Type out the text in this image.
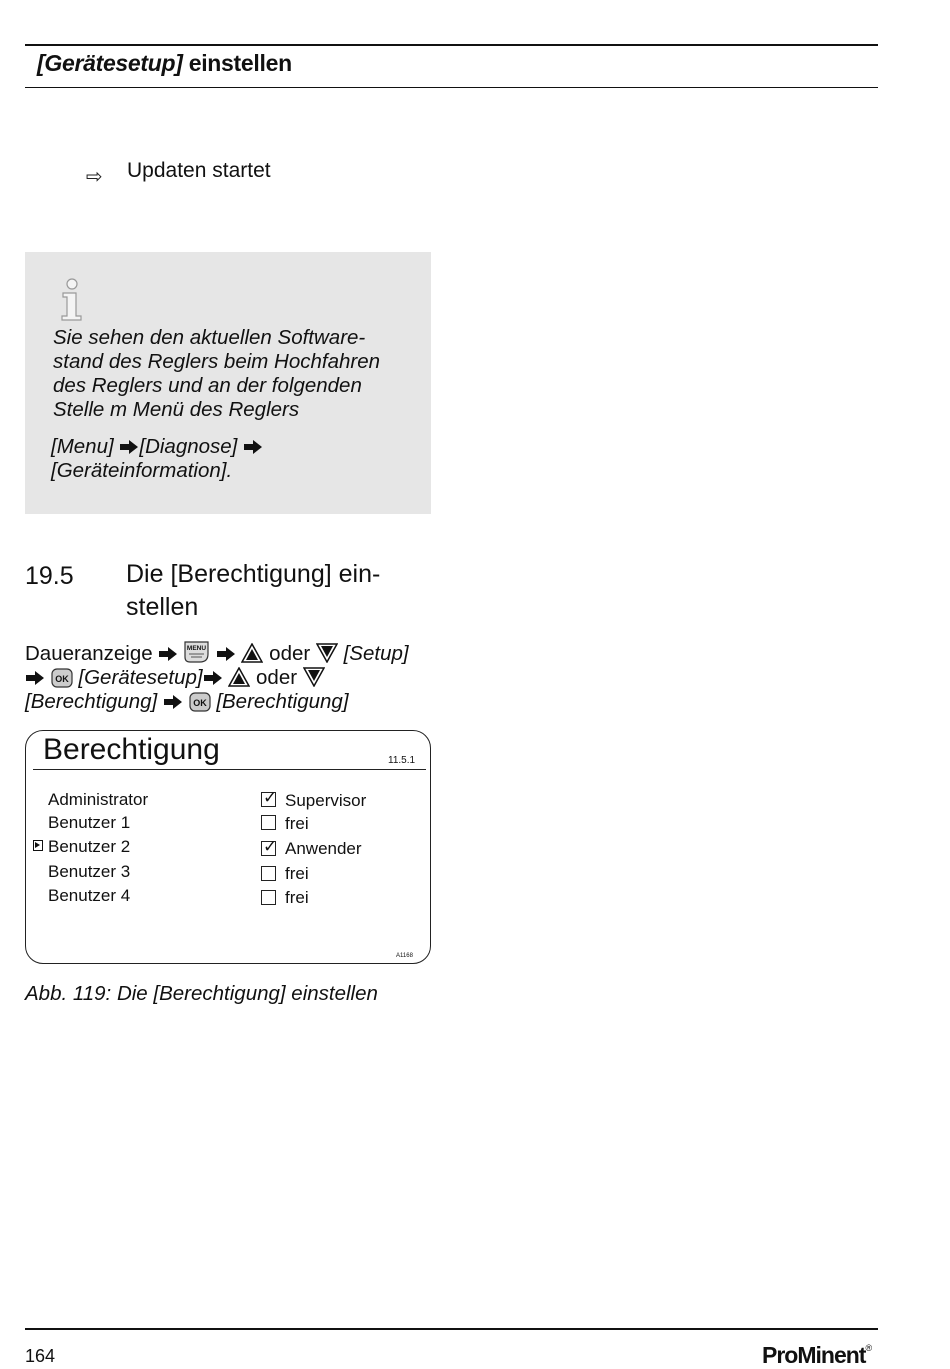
[Gerätesetup] einstellen
⇨ Updaten startet
Sie sehen den aktuellen Software-stand des Reglers beim Hochfahren des Reglers und an der folgenden Stelle m Menü des Reglers
[Menu] [Diagnose]
[Geräteinformation].
19.5 Die [Berechtigung] ein-stellen
Daueranzeige	MENU	oder [Setup]

OK [Gerätesetup]	oder
[Berechtigung]	OK [Berechtigung]
Berechtigung	11.5.1
Administrator	✓ Supervisor
Benutzer 1	frei
Benutzer 2	✓ Anwender
Benutzer 3	frei
Benutzer 4	frei
A1168
Abb. 119: Die [Berechtigung] einstellen
164	ProMinent®
